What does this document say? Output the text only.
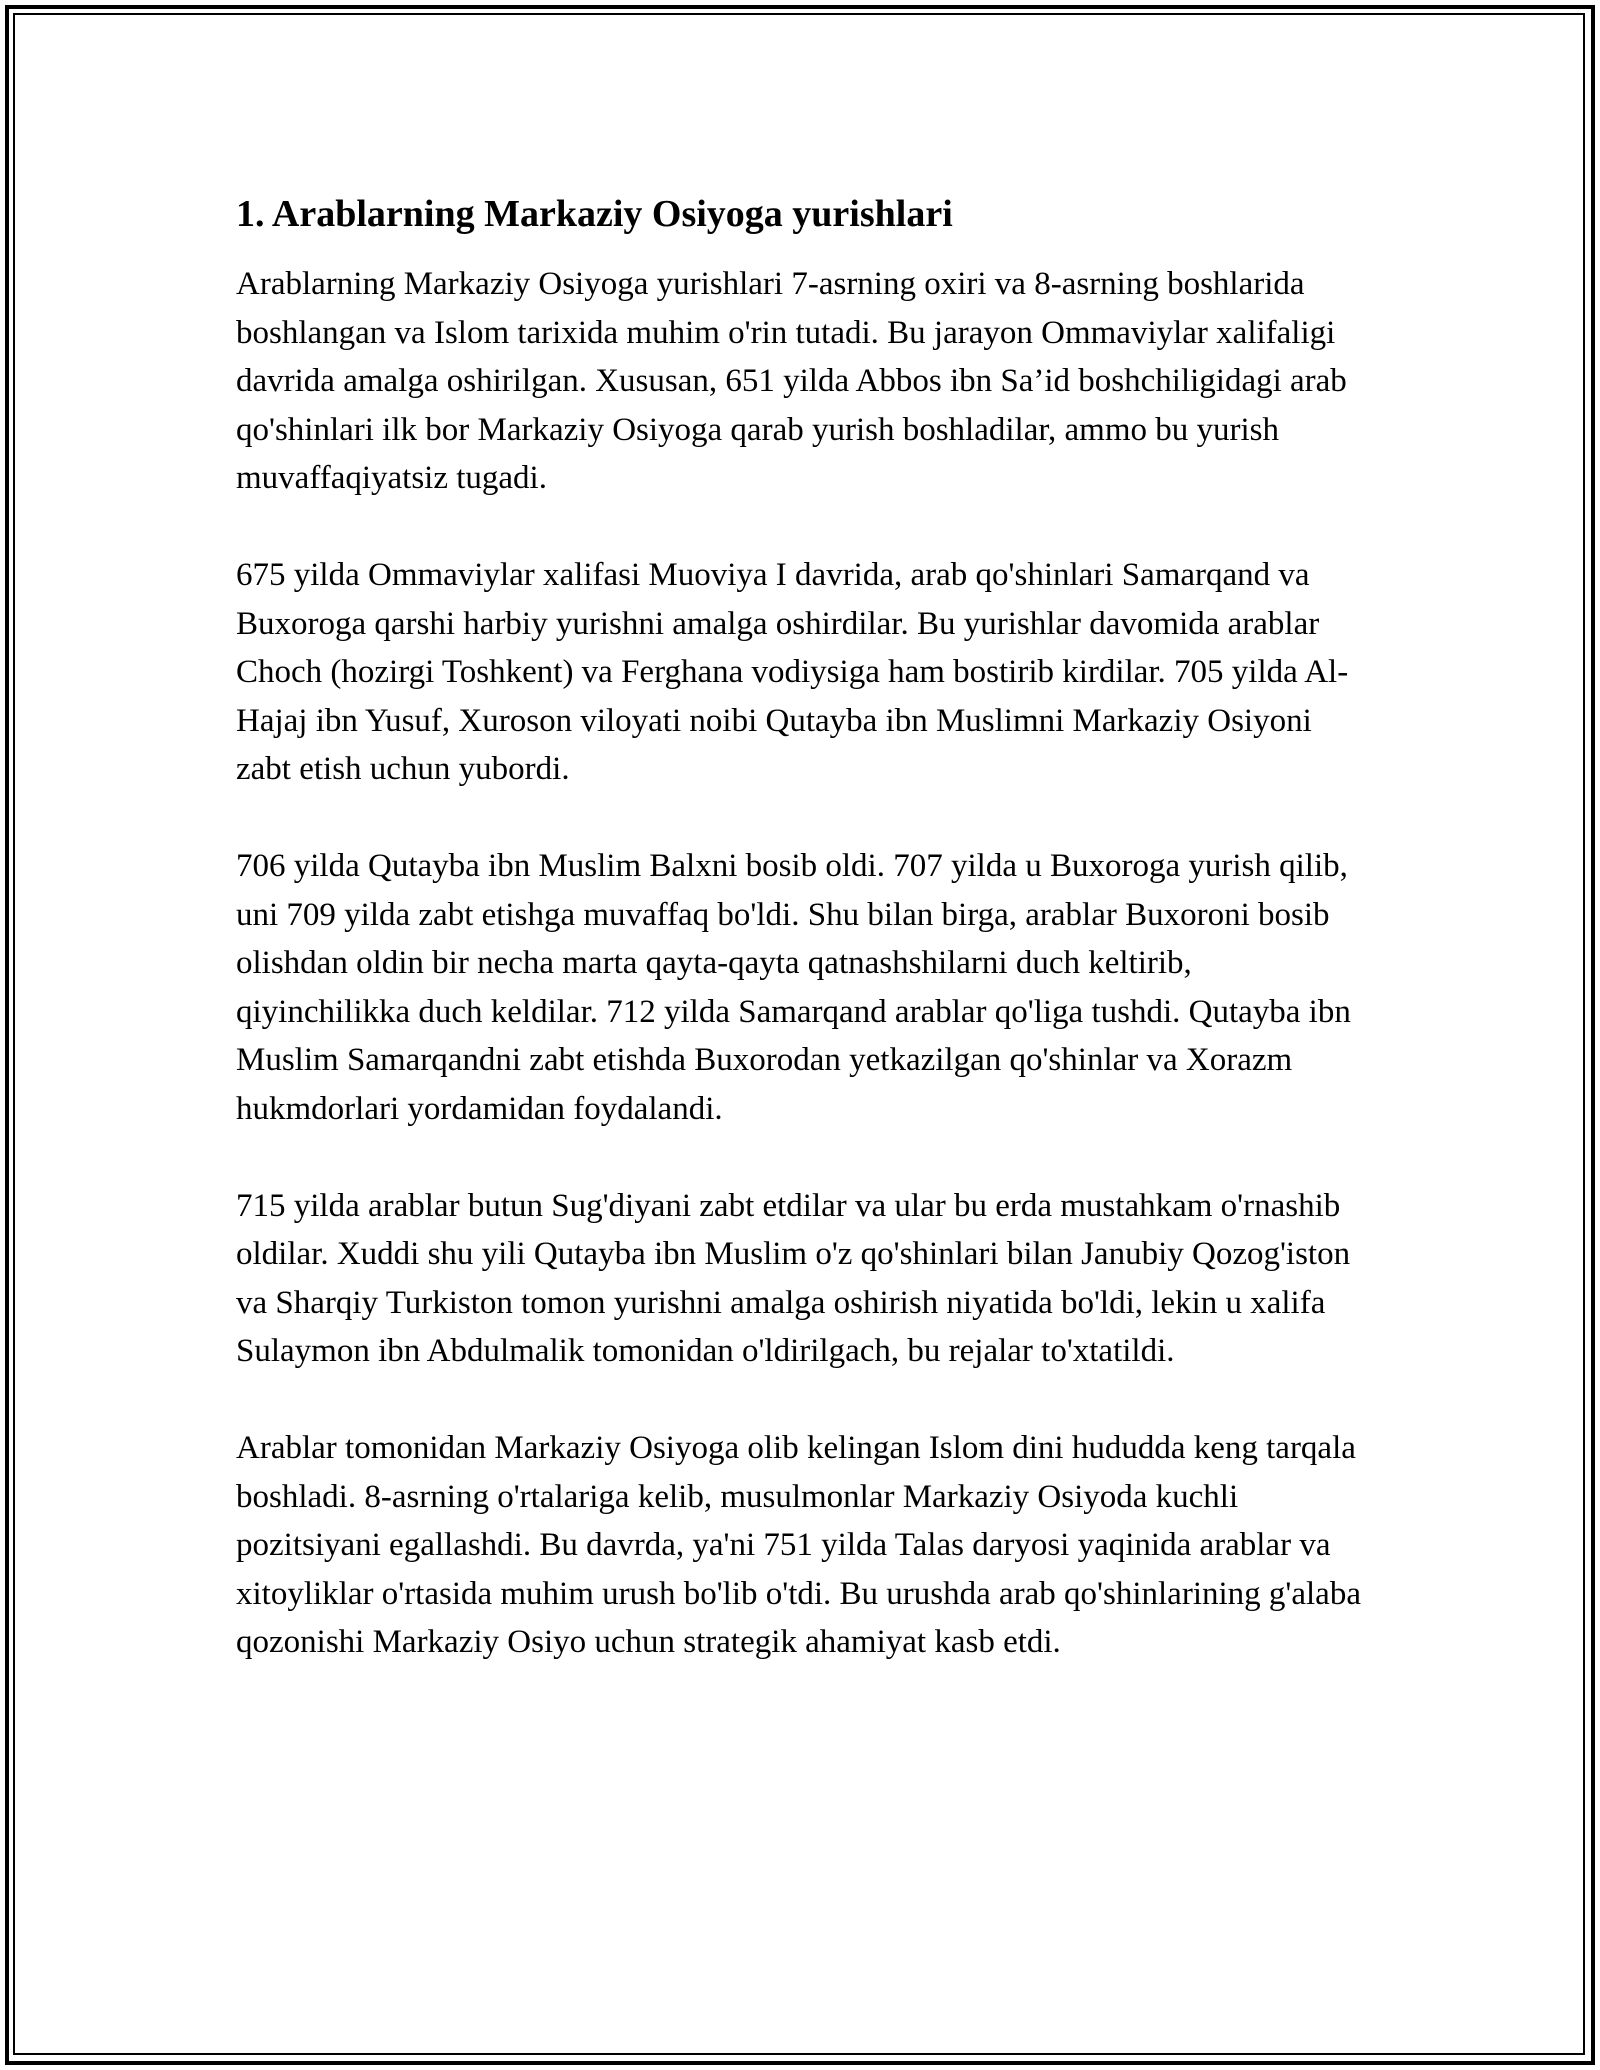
1. Arablarning Markaziy Osiyoga yurishlari

Arablarning Markaziy Osiyoga yurishlari 7-asrning oxiri va 8-asrning boshlarida boshlangan va Islom tarixida muhim o'rin tutadi. Bu jarayon Ommaviylar xalifaligi davrida amalga oshirilgan. Xususan, 651 yilda Abbos ibn Sa’id boshchiligidagi arab qo'shinlari ilk bor Markaziy Osiyoga qarab yurish boshladilar, ammo bu yurish muvaffaqiyatsiz tugadi.

675 yilda Ommaviylar xalifasi Muoviya I davrida, arab qo'shinlari Samarqand va Buxoroga qarshi harbiy yurishni amalga oshirdilar. Bu yurishlar davomida arablar Choch (hozirgi Toshkent) va Ferghana vodiysiga ham bostirib kirdilar. 705 yilda Al-Hajaj ibn Yusuf, Xuroson viloyati noibi Qutayba ibn Muslimni Markaziy Osiyoni zabt etish uchun yubordi.

706 yilda Qutayba ibn Muslim Balxni bosib oldi. 707 yilda u Buxoroga yurish qilib, uni 709 yilda zabt etishga muvaffaq bo'ldi. Shu bilan birga, arablar Buxoroni bosib olishdan oldin bir necha marta qayta-qayta qatnashshilarni duch keltirib, qiyinchilikka duch keldilar. 712 yilda Samarqand arablar qo'liga tushdi. Qutayba ibn Muslim Samarqandni zabt etishda Buxorodan yetkazilgan qo'shinlar va Xorazm hukmdorlari yordamidan foydalandi.

715 yilda arablar butun Sug'diyani zabt etdilar va ular bu erda mustahkam o'rnashib oldilar. Xuddi shu yili Qutayba ibn Muslim o'z qo'shinlari bilan Janubiy Qozog'iston va Sharqiy Turkiston tomon yurishni amalga oshirish niyatida bo'ldi, lekin u xalifa Sulaymon ibn Abdulmalik tomonidan o'ldirilgach, bu rejalar to'xtatildi.

Arablar tomonidan Markaziy Osiyoga olib kelingan Islom dini hududda keng tarqala boshladi. 8-asrning o'rtalariga kelib, musulmonlar Markaziy Osiyoda kuchli pozitsiyani egallashdi. Bu davrda, ya'ni 751 yilda Talas daryosi yaqinida arablar va xitoyliklar o'rtasida muhim urush bo'lib o'tdi. Bu urushda arab qo'shinlarining g'alaba qozonishi Markaziy Osiyo uchun strategik ahamiyat kasb etdi.
